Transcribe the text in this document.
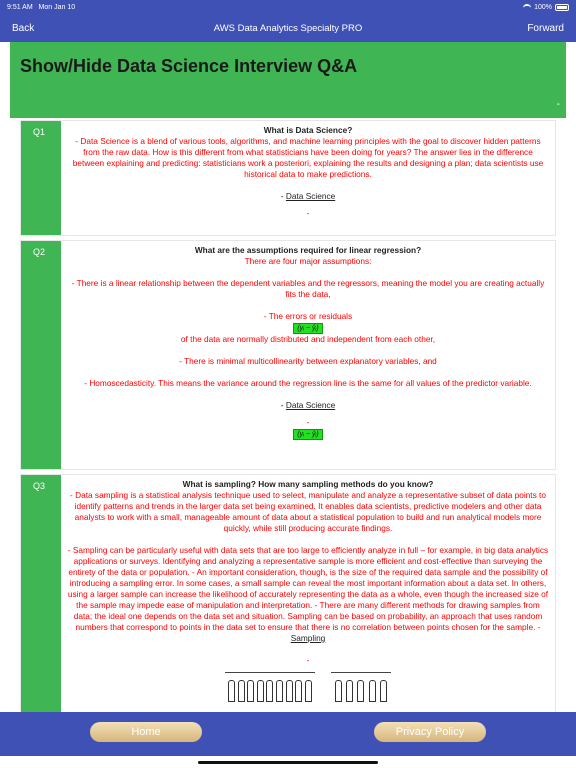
9:51 AM Mon Jan 10	100%
Back	AWS Data Analytics Specialty PRO	Forward
Show/Hide Data Science Interview Q&A
-
Q1	What is Data Science?
- Data Science is a blend of various tools, algorithms, and machine learning principles with the goal to discover hidden patterns from the raw data. How is this different from what statisticians have been doing for years? The answer lies in the difference between explaining and predicting: statisticians work a posteriori, explaining the results and designing a plan; data scientists use historical data to make predictions.
- Data Science
-
Q2	What are the assumptions required for linear regression?
There are four major assumptions:
- There is a linear relationship between the dependent variables and the regressors, meaning the model you are creating actually fits the data,
- The errors or residuals
(yᵢ − ŷᵢ)
of the data are normally distributed and independent from each other,
- There is minimal multicollinearity between explanatory variables, and
- Homoscedasticity. This means the variance around the regression line is the same for all values of the predictor variable.
- Data Science
-
(yᵢ − ŷᵢ)
Q3	What is sampling? How many sampling methods do you know?
- Data sampling is a statistical analysis technique used to select, manipulate and analyze a representative subset of data points to identify patterns and trends in the larger data set being examined. It enables data scientists, predictive modelers and other data analysts to work with a small, manageable amount of data about a statistical population to build and run analytical models more quickly, while still producing accurate findings.
- Sampling can be particularly useful with data sets that are too large to efficiently analyze in full – for example, in big data analytics applications or surveys. Identifying and analyzing a representative sample is more efficient and cost-effective than surveying the entirety of the data or population. - An important consideration, though, is the size of the required data sample and the possibility of introducing a sampling error. In some cases, a small sample can reveal the most important information about a data set. In others, using a larger sample can increase the likelihood of accurately representing the data as a whole, even though the increased size of the sample may impede ease of manipulation and interpretation. - There are many different methods for drawing samples from data; the ideal one depends on the data set and situation. Sampling can be based on probability, an approach that uses random numbers that correspond to points in the data set to ensure that there is no correlation between points chosen for the sample. - Sampling
-
Home	Privacy Policy
